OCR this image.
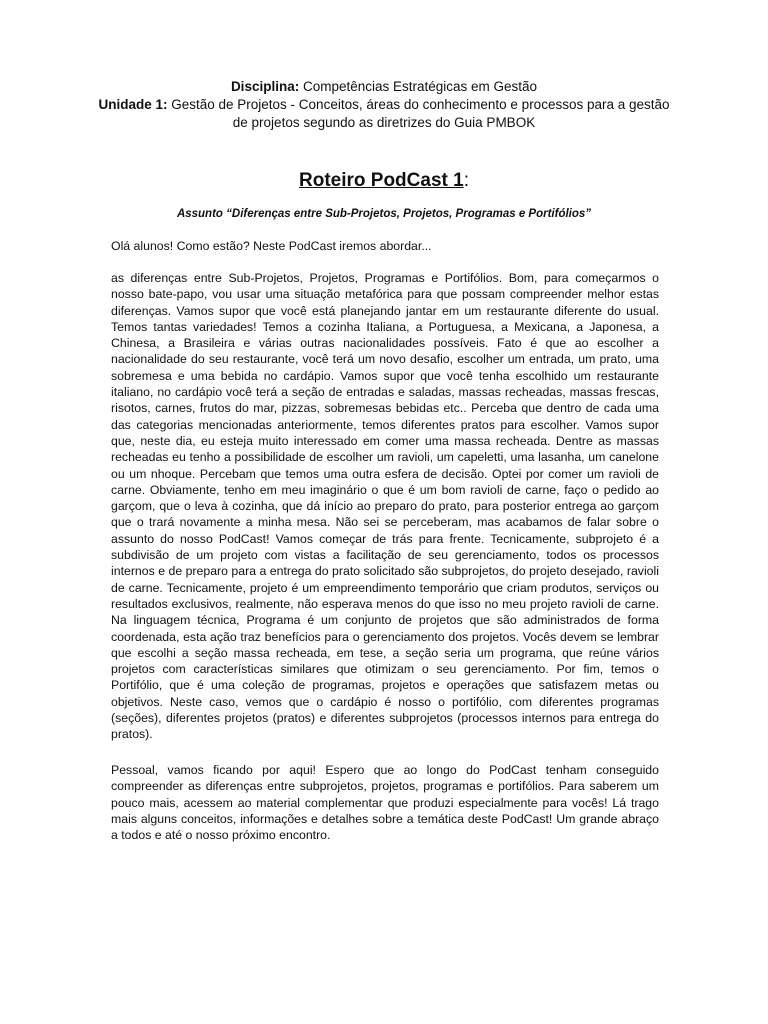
Disciplina: Competências Estratégicas em Gestão
Unidade 1: Gestão de Projetos - Conceitos, áreas do conhecimento e processos para a gestão de projetos segundo as diretrizes do Guia PMBOK
Roteiro PodCast 1:
Assunto “Diferenças entre Sub-Projetos, Projetos, Programas e Portifólios”
Olá alunos! Como estão? Neste PodCast iremos abordar...
as diferenças entre Sub-Projetos, Projetos, Programas e Portifólios. Bom, para começarmos o nosso bate-papo, vou usar uma situação metafórica para que possam compreender melhor estas diferenças. Vamos supor que você está planejando jantar em um restaurante diferente do usual. Temos tantas variedades! Temos a cozinha Italiana, a Portuguesa, a Mexicana, a Japonesa, a Chinesa, a Brasileira e várias outras nacionalidades possíveis. Fato é que ao escolher a nacionalidade do seu restaurante, você terá um novo desafio, escolher um entrada, um prato, uma sobremesa e uma bebida no cardápio. Vamos supor que você tenha escolhido um restaurante italiano, no cardápio você terá a seção de entradas e saladas, massas recheadas, massas frescas, risotos, carnes, frutos do mar, pizzas, sobremesas bebidas etc.. Perceba que dentro de cada uma das categorias mencionadas anteriormente, temos diferentes pratos para escolher. Vamos supor que, neste dia, eu esteja muito interessado em comer uma massa recheada. Dentre as massas recheadas eu tenho a possibilidade de escolher um ravioli, um capeletti, uma lasanha, um canelone ou um nhoque. Percebam que temos uma outra esfera de decisão. Optei por comer um ravioli de carne. Obviamente, tenho em meu imaginário o que é um bom ravioli de carne, faço o pedido ao garçom, que o leva à cozinha, que dá início ao preparo do prato, para posterior entrega ao garçom que o trará novamente a minha mesa. Não sei se perceberam, mas acabamos de falar sobre o assunto do nosso PodCast! Vamos começar de trás para frente. Tecnicamente, subprojeto é a subdivisão de um projeto com vistas a facilitação de seu gerenciamento, todos os processos internos e de preparo para a entrega do prato solicitado são subprojetos, do projeto desejado, ravioli de carne. Tecnicamente, projeto é um empreendimento temporário que criam produtos, serviços ou resultados exclusivos, realmente, não esperava menos do que isso no meu projeto ravioli de carne. Na linguagem técnica, Programa é um conjunto de projetos que são administrados de forma coordenada, esta ação traz benefícios para o gerenciamento dos projetos. Vocês devem se lembrar que escolhi a seção massa recheada, em tese, a seção seria um programa, que reúne vários projetos com características similares que otimizam o seu gerenciamento. Por fim, temos o Portifólio, que é uma coleção de programas, projetos e operações que satisfazem metas ou objetivos. Neste caso, vemos que o cardápio é nosso o portifólio, com diferentes programas (seções), diferentes projetos (pratos) e diferentes subprojetos (processos internos para entrega do pratos).
Pessoal, vamos ficando por aqui! Espero que ao longo do PodCast tenham conseguido compreender as diferenças entre subprojetos, projetos, programas e portifólios. Para saberem um pouco mais, acessem ao material complementar que produzi especialmente para vocês! Lá trago mais alguns conceitos, informações e detalhes sobre a temática deste PodCast! Um grande abraço a todos e até o nosso próximo encontro.
